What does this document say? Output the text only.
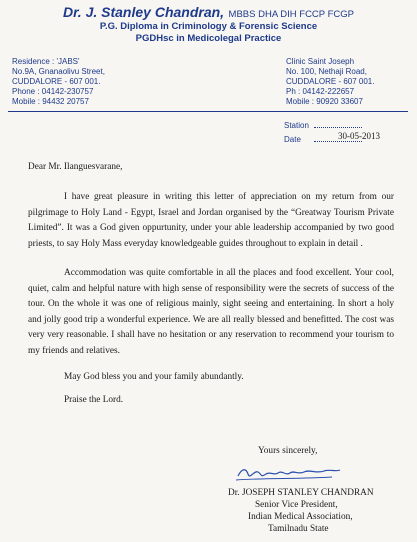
Dr. J. Stanley Chandran, MBBS DHA DIH FCCP FCGP
P.G. Diploma in Criminology & Forensic Science
PGDHsc in Medicolegal Practice
Residence : 'JABS'
No.9A, Gnanaolivu Street,
CUDDALORE - 607 001.
Phone : 04142-230757
Mobile : 94432 20757
Clinic Saint Joseph
No. 100, Nethaji Road,
CUDDALORE - 607 001.
Ph : 04142-222657
Mobile : 90920 33607
Station
Date	30-05-2013
Dear Mr. Ilanguesvarane,
I have great pleasure in writing this letter of appreciation on my return from our pilgrimage to Holy Land - Egypt, Israel and Jordan organised by the “Greatway Tourism Private Limited”. It was a God given oppurtunity, under your able leadership accompanied by two good priests, to say Holy Mass everyday knowledgeable guides throughout to explain in detail .
Accommodation was quite comfortable in all the places and food excellent. Your cool, quiet, calm and helpful nature with high sense of responsibility were the secrets of success of the tour. On the whole it was one of religious mainly, sight seeing and entertaining. In short a holy and jolly good trip a wonderful experience. We are all really blessed and benefitted. The cost was very very reasonable. I shall have no hesitation or any reservation to recommend your tourism to my friends and relatives.
May God bless you and your family abundantly.
Praise the Lord.
Yours sincerely,
Dr. JOSEPH STANLEY CHANDRAN
Senior Vice President,
Indian Medical Association,
Tamilnadu State
